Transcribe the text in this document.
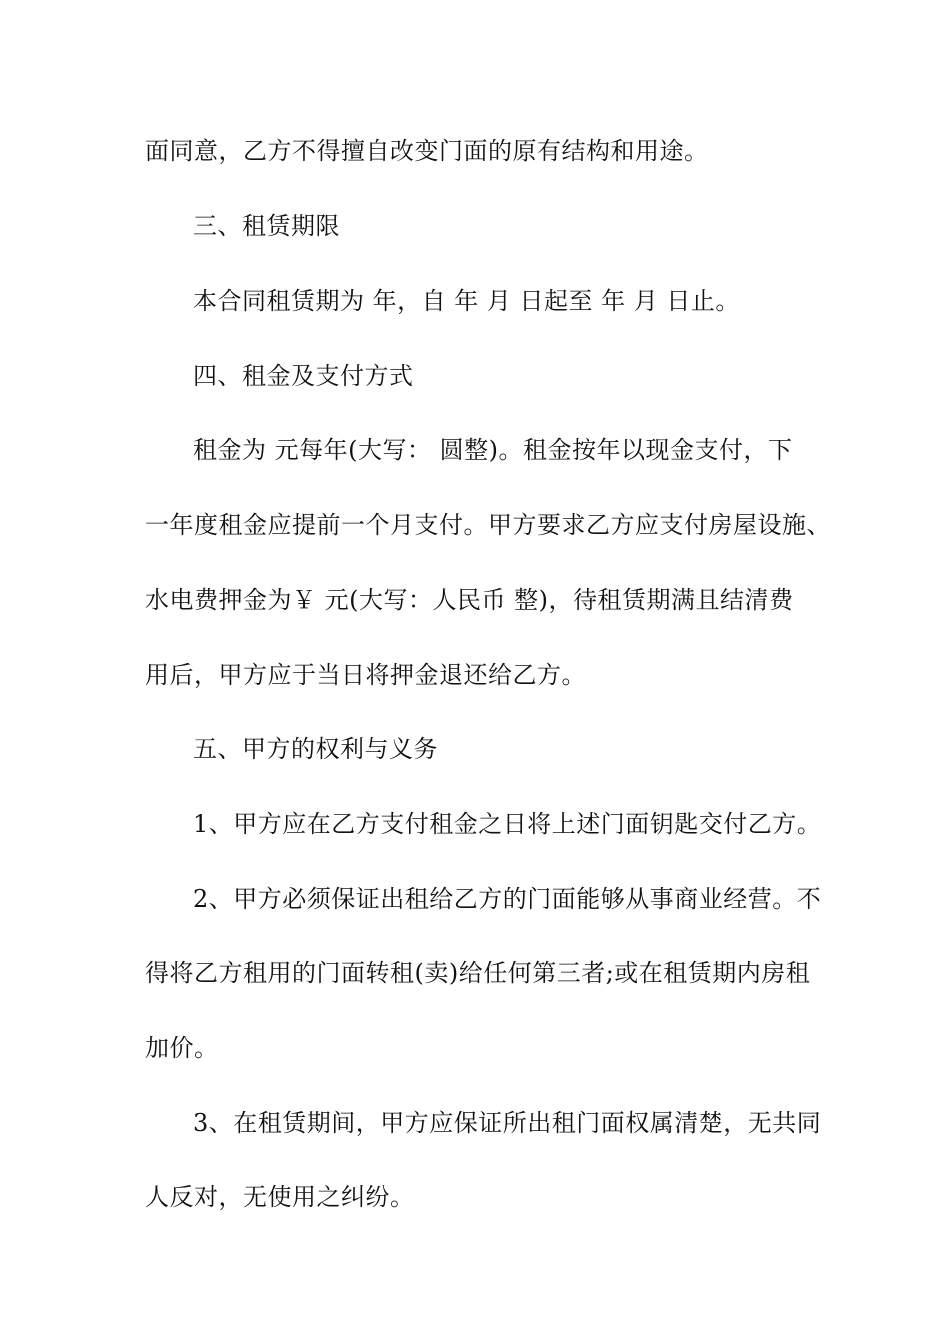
面同意，乙方不得擅自改变门面的原有结构和用途。
三、租赁期限
本合同租赁期为 年，自 年 月 日起至 年 月 日止。
四、租金及支付方式
租金为 元每年(大写： 圆整)。租金按年以现金支付，下
一年度租金应提前一个月支付。甲方要求乙方应支付房屋设施、
水电费押金为￥ 元(大写：人民币 整)，待租赁期满且结清费
用后，甲方应于当日将押金退还给乙方。
五、甲方的权利与义务
1、甲方应在乙方支付租金之日将上述门面钥匙交付乙方。
2、甲方必须保证出租给乙方的门面能够从事商业经营。不
得将乙方租用的门面转租(卖)给任何第三者;或在租赁期内房租
加价。
3、在租赁期间，甲方应保证所出租门面权属清楚，无共同
人反对，无使用之纠纷。
